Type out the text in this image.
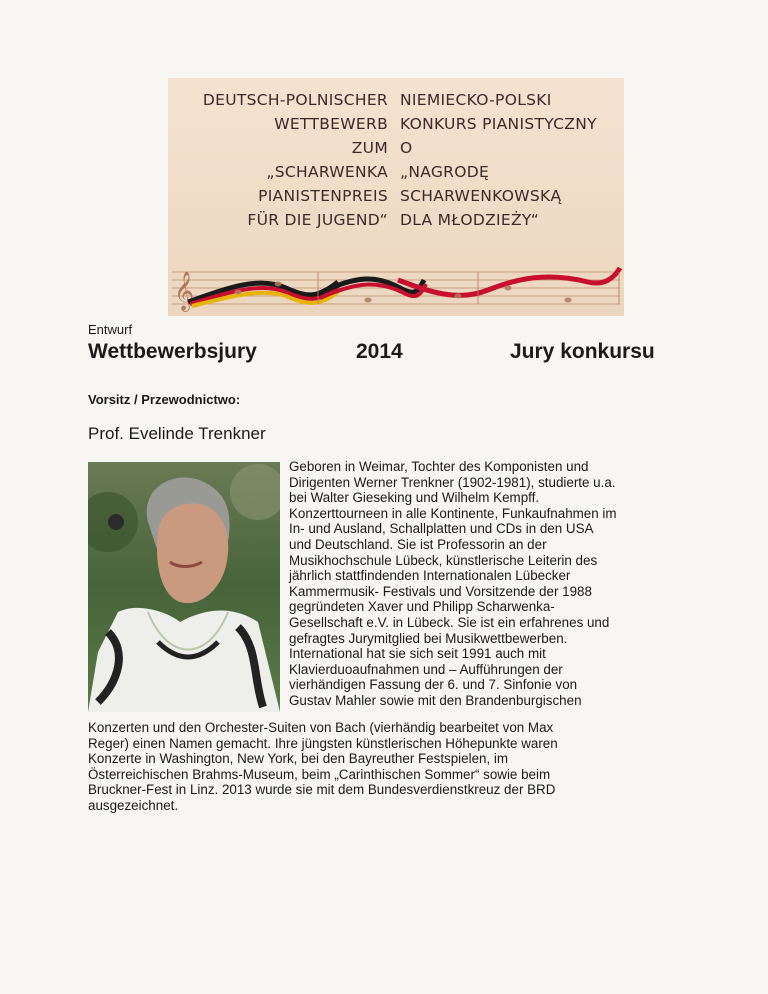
DEUTSCH-POLNISCHER
WETTBEWERB
ZUM
„SCHARWENKA
PIANISTENPREIS
FÜR DIE JUGEND“
NIEMIECKO-POLSKI
KONKURS PIANISTYCZNY
O
„NAGRODĘ
SCHARWENKOWSKĄ
DLA MŁODZIEŻY“
𝄞
Entwurf
Wettbewerbsjury	2014	Jury konkursu
Vorsitz / Przewodnictwo:
Prof. Evelinde Trenkner
Geboren in Weimar, Tochter des Komponisten und
Dirigenten Werner Trenkner (1902-1981), studierte u.a.
bei Walter Gieseking und Wilhelm Kempff.
Konzerttourneen in alle Kontinente, Funkaufnahmen im
In- und Ausland, Schallplatten und CDs in den USA
und Deutschland. Sie ist Professorin an der
Musikhochschule Lübeck, künstlerische Leiterin des
jährlich stattfindenden Internationalen Lübecker
Kammermusik- Festivals und Vorsitzende der 1988
gegründeten Xaver und Philipp Scharwenka-
Gesellschaft e.V. in Lübeck. Sie ist ein erfahrenes und
gefragtes Jurymitglied bei Musikwettbewerben.
International hat sie sich seit 1991 auch mit
Klavierduoaufnahmen und – Aufführungen der
vierhändigen Fassung der 6. und 7. Sinfonie von
Gustav Mahler sowie mit den Brandenburgischen
Konzerten und den Orchester-Suiten von Bach (vierhändig bearbeitet von Max
Reger) einen Namen gemacht. Ihre jüngsten künstlerischen Höhepunkte waren
Konzerte in Washington, New York, bei den Bayreuther Festspielen, im
Österreichischen Brahms-Museum, beim „Carinthischen Sommer“ sowie beim
Bruckner-Fest in Linz. 2013 wurde sie mit dem Bundesverdienstkreuz der BRD
ausgezeichnet.
